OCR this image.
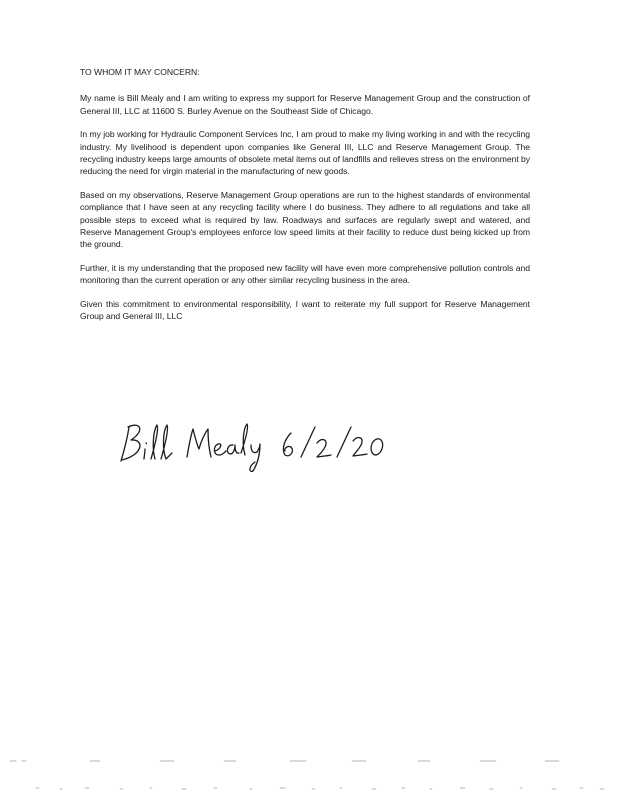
TO WHOM IT MAY CONCERN:

My name is Bill Mealy and I am writing to express my support for Reserve Management Group and the construction of General III, LLC at 11600 S. Burley Avenue on the Southeast Side of Chicago.

In my job working for Hydraulic Component Services Inc, I am proud to make my living working in and with the recycling industry. My livelihood is dependent upon companies like General III, LLC and Reserve Management Group. The recycling industry keeps large amounts of obsolete metal items out of landfills and relieves stress on the environment by reducing the need for virgin material in the manufacturing of new goods.

Based on my observations, Reserve Management Group operations are run to the highest standards of environmental compliance that I have seen at any recycling facility where I do business. They adhere to all regulations and take all possible steps to exceed what is required by law. Roadways and surfaces are regularly swept and watered, and Reserve Management Group's employees enforce low speed limits at their facility to reduce dust being kicked up from the ground.

Further, it is my understanding that the proposed new facility will have even more comprehensive pollution controls and monitoring than the current operation or any other similar recycling business in the area.

Given this commitment to environmental responsibility, I want to reiterate my full support for Reserve Management Group and General III, LLC
